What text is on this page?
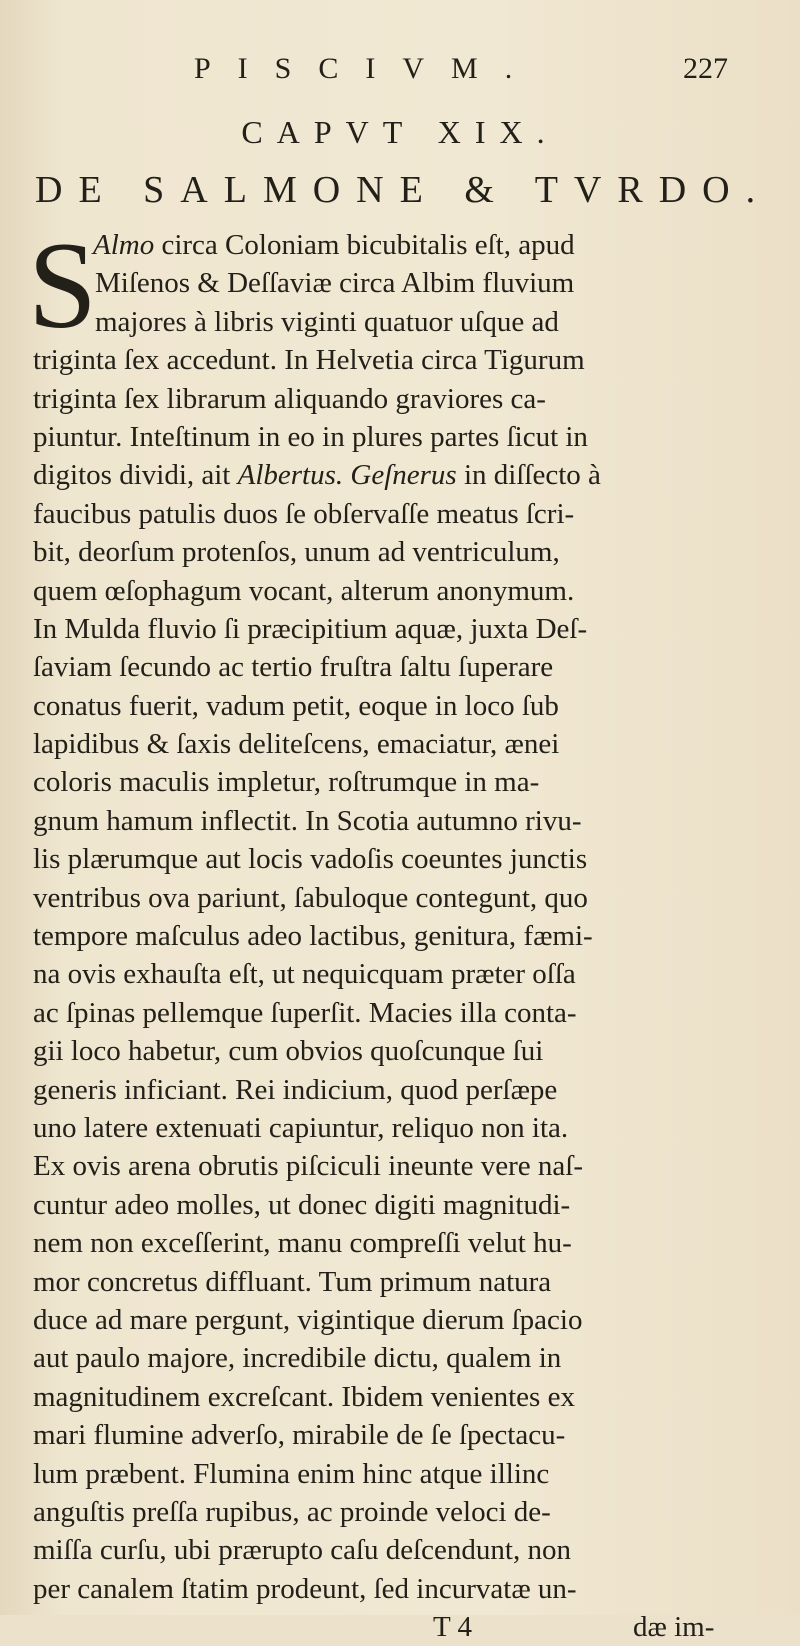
PISCIVM.	227
CAPVT XIX.
DE SALMONE & TVRDO.
S
Almo circa Coloniam bicubitalis eſt, apud
Miſenos & Deſſaviæ circa Albim fluvium
majores à libris viginti quatuor uſque ad
triginta ſex accedunt. In Helvetia circa Tigurum
triginta ſex librarum aliquando graviores ca-
piuntur. Inteſtinum in eo in plures partes ſicut in
digitos dividi, ait Albertus. Geſnerus in diſſecto à
faucibus patulis duos ſe obſervaſſe meatus ſcri-
bit, deorſum protenſos, unum ad ventriculum,
quem œſophagum vocant, alterum anonymum.
In Mulda fluvio ſi præcipitium aquæ, juxta Deſ-
ſaviam ſecundo ac tertio fruſtra ſaltu ſuperare
conatus fuerit, vadum petit, eoque in loco ſub
lapidibus & ſaxis deliteſcens, emaciatur, ænei
coloris maculis impletur, roſtrumque in ma-
gnum hamum inflectit. In Scotia autumno rivu-
lis plærumque aut locis vadoſis coeuntes junctis
ventribus ova pariunt, ſabuloque contegunt, quo
tempore maſculus adeo lactibus, genitura, fæmi-
na ovis exhauſta eſt, ut nequicquam præter oſſa
ac ſpinas pellemque ſuperſit. Macies illa conta-
gii loco habetur, cum obvios quoſcunque ſui
generis inficiant. Rei indicium, quod perſæpe
uno latere extenuati capiuntur, reliquo non ita.
Ex ovis arena obrutis piſciculi ineunte vere naſ-
cuntur adeo molles, ut donec digiti magnitudi-
nem non exceſſerint, manu compreſſi velut hu-
mor concretus diffluant. Tum primum natura
duce ad mare pergunt, vigintique dierum ſpacio
aut paulo majore, incredibile dictu, qualem in
magnitudinem excreſcant. Ibidem venientes ex
mari flumine adverſo, mirabile de ſe ſpectacu-
lum præbent. Flumina enim hinc atque illinc
anguſtis preſſa rupibus, ac proinde veloci de-
miſſa curſu, ubi prærupto caſu deſcendunt, non
per canalem ſtatim prodeunt, ſed incurvatæ un-
T 4	dæ im-
